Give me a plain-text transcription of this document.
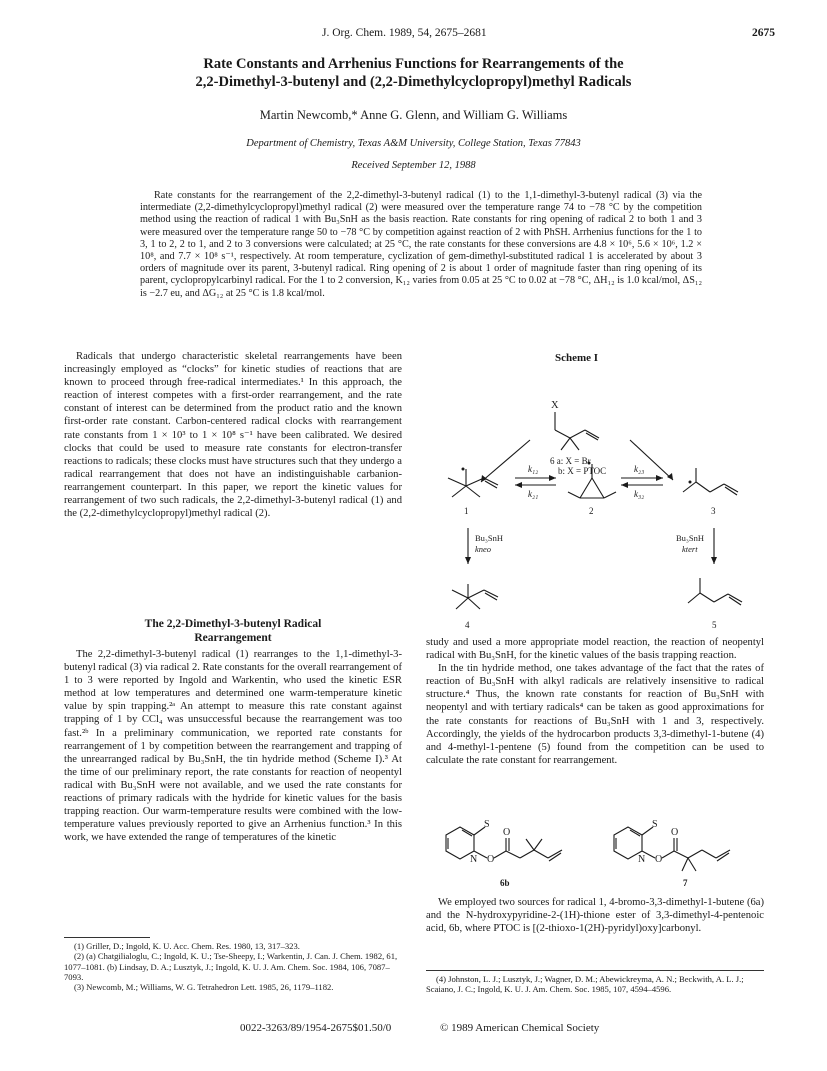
J. Org. Chem. 1989, 54, 2675–2681	2675
Rate Constants and Arrhenius Functions for Rearrangements of the
2,2-Dimethyl-3-butenyl and (2,2-Dimethylcyclopropyl)methyl Radicals
Martin Newcomb,* Anne G. Glenn, and William G. Williams
Department of Chemistry, Texas A&M University, College Station, Texas 77843
Received September 12, 1988
Rate constants for the rearrangement of the 2,2-dimethyl-3-butenyl radical (1) to the 1,1-dimethyl-3-butenyl radical (3) via the intermediate (2,2-dimethylcyclopropyl)methyl radical (2) were measured over the temperature range 74 to −78 °C by the competition method using the reaction of radical 1 with Bu₃SnH as the basis reaction. Rate constants for ring opening of radical 2 to both 1 and 3 were measured over the temperature range 50 to −78 °C by competition against reaction of 2 with PhSH. Arrhenius functions for the 1 to 3, 1 to 2, 2 to 1, and 2 to 3 conversions were calculated; at 25 °C, the rate constants for these conversions are 4.8 × 10⁶, 5.6 × 10⁶, 1.2 × 10⁸, and 7.7 × 10⁸ s⁻¹, respectively. At room temperature, cyclization of gem-dimethyl-substituted radical 1 is accelerated by about 3 orders of magnitude over its parent, 3-butenyl radical. Ring opening of 2 is about 1 order of magnitude faster than ring opening of its parent, cyclopropylcarbinyl radical. For the 1 to 2 conversion, K₁₂ varies from 0.05 at 25 °C to 0.02 at −78 °C, ΔH₁₂ is 1.0 kcal/mol, ΔS₁₂ is −2.7 eu, and ΔG₁₂ at 25 °C is 1.8 kcal/mol.

Radicals that undergo characteristic skeletal rearrangements have been increasingly employed as “clocks” for kinetic studies of reactions that are known to proceed through free-radical intermediates.¹ In this approach, the reaction of interest competes with a first-order rearrangement, and the rate constant of interest can be determined from the product ratio and the known first-order rate constant. Carbon-centered radical clocks with rearrangement rate constants from 1 × 10³ to 1 × 10⁸ s⁻¹ have been calibrated. We desired clocks that could be used to measure rate constants for electron-transfer reactions to radicals; these clocks must have structures such that they undergo a radical rearrangement that does not have an indistinguishable carbanion-rearrangement counterpart. In this paper, we report the kinetic values for rearrangement of two such radicals, the 2,2-dimethyl-3-butenyl radical (1) and the (2,2-dimethylcyclopropyl)methyl radical (2).

The 2,2-Dimethyl-3-butenyl Radical
Rearrangement

The 2,2-dimethyl-3-butenyl radical (1) rearranges to the 1,1-dimethyl-3-butenyl radical (3) via radical 2. Rate constants for the overall rearrangement of 1 to 3 were reported by Ingold and Warkentin, who used the kinetic ESR method at low temperatures and determined one warm-temperature kinetic value by spin trapping.²ᵃ An attempt to measure this rate constant against trapping of 1 by CCl₄ was unsuccessful because the rearrangement was too fast.²ᵇ In a preliminary communication, we reported rate constants for rearrangement of 1 by competition between the rearrangement and trapping of the unrearranged radical by Bu₃SnH, the tin hydride method (Scheme I).³ At the time of our preliminary report, the rate constants for reaction of neopentyl radical with Bu₃SnH were not available, and we used the rate constants for reactions of primary radicals with the hydride for kinetic values for the basis trapping reaction. Our warm-temperature results were combined with the low-temperature values previously reported to give an Arrhenius function.³ In this work, we have extended the range of temperatures of the kinetic

(1) Griller, D.; Ingold, K. U. Acc. Chem. Res. 1980, 13, 317–323.
(2) (a) Chatgilialoglu, C.; Ingold, K. U.; Tse-Sheepy, I.; Warkentin, J. Can. J. Chem. 1982, 61, 1077–1081. (b) Lindsay, D. A.; Lusztyk, J.; Ingold, K. U. J. Am. Chem. Soc. 1984, 106, 7087–7093.
(3) Newcomb, M.; Williams, W. G. Tetrahedron Lett. 1985, 26, 1179–1182.
Scheme I
X
6 a: X = Br
b: X = PTOC
k₁₂
k₂₁
k₂₃
k₃₂
1	2	3
Bu₃SnH
kneo
Bu₃SnH
ktert
4	5

study and used a more appropriate model reaction, the reaction of neopentyl radical with Bu₃SnH, for the kinetic values of the basis trapping reaction.

In the tin hydride method, one takes advantage of the fact that the rates of reaction of Bu₃SnH with alkyl radicals are relatively insensitive to radical structure.⁴ Thus, the known rate constants for reaction of Bu₃SnH with neopentyl and with tertiary radicals⁴ can be taken as good approximations for the rate constants for reactions of Bu₃SnH with 1 and 3, respectively. Accordingly, the yields of the hydrocarbon products 3,3-dimethyl-1-butene (4) and 4-methyl-1-pentene (5) found from the competition can be used to calculate the rate constant for rearrangement.

S
O
O
N
6b
S
O
O
N
7

We employed two sources for radical 1, 4-bromo-3,3-dimethyl-1-butene (6a) and the N-hydroxypyridine-2-(1H)-thione ester of 3,3-dimethyl-4-pentenoic acid, 6b, where PTOC is [(2-thioxo-1(2H)-pyridyl)oxy]carbonyl.

(4) Johnston, L. J.; Lusztyk, J.; Wagner, D. M.; Abewickreyma, A. N.; Beckwith, A. L. J.; Scaiano, J. C.; Ingold, K. U. J. Am. Chem. Soc. 1985, 107, 4594–4596.
0022-3263/89/1954-2675$01.50/0	© 1989 American Chemical Society
